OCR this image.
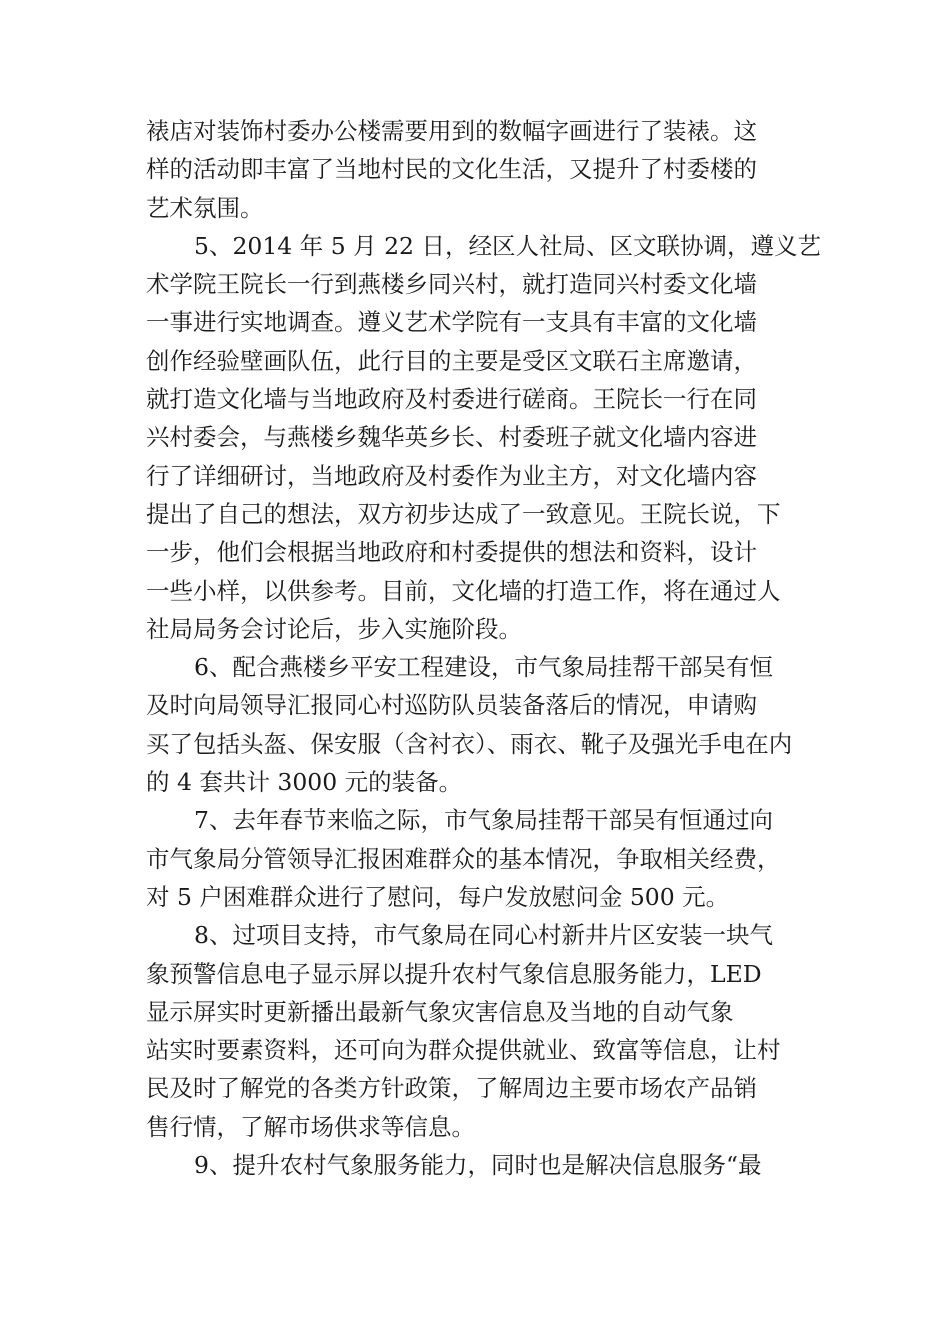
裱店对装饰村委办公楼需要用到的数幅字画进行了装裱。这
样的活动即丰富了当地村民的文化生活，又提升了村委楼的
艺术氛围。
5、2014 年 5 月 22 日，经区人社局、区文联协调，遵义艺
术学院王院长一行到燕楼乡同兴村，就打造同兴村委文化墙
一事进行实地调查。遵义艺术学院有一支具有丰富的文化墙
创作经验壁画队伍，此行目的主要是受区文联石主席邀请，
就打造文化墙与当地政府及村委进行磋商。王院长一行在同
兴村委会，与燕楼乡魏华英乡长、村委班子就文化墙内容进
行了详细研讨，当地政府及村委作为业主方，对文化墙内容
提出了自己的想法，双方初步达成了一致意见。王院长说，下
一步，他们会根据当地政府和村委提供的想法和资料，设计
一些小样，以供参考。目前，文化墙的打造工作，将在通过人
社局局务会讨论后，步入实施阶段。
6、配合燕楼乡平安工程建设，市气象局挂帮干部吴有恒
及时向局领导汇报同心村巡防队员装备落后的情况，申请购
买了包括头盔、保安服（含衬衣）、雨衣、靴子及强光手电在内
的 4 套共计 3000 元的装备。
7、去年春节来临之际，市气象局挂帮干部吴有恒通过向
市气象局分管领导汇报困难群众的基本情况，争取相关经费，
对 5 户困难群众进行了慰问，每户发放慰问金 500 元。
8、过项目支持，市气象局在同心村新井片区安装一块气
象预警信息电子显示屏以提升农村气象信息服务能力，LED
显示屏实时更新播出最新气象灾害信息及当地的自动气象
站实时要素资料，还可向为群众提供就业、致富等信息，让村
民及时了解党的各类方针政策，了解周边主要市场农产品销
售行情，了解市场供求等信息。
9、提升农村气象服务能力，同时也是解决信息服务“最
